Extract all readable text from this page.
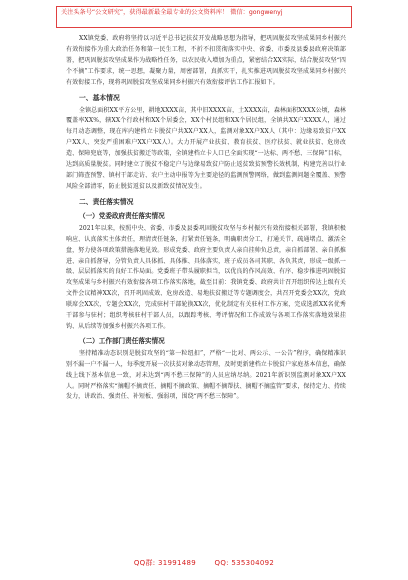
关注头条号“公文研究”，获得最新最全最专业的公文资料库！ 微信：gongwenyj

XX镇党委、政府将坚持以习近平总书记扶贫开发战略思想为指导，把巩固脱贫攻坚成果同乡村振兴有效衔接作为重大政治任务和第一民生工程，不折不扣贯彻落实中央、省委、市委及县委县政府决策部署，把巩固脱贫攻坚成果作为战略性任务，以农民收入增加为重点，紧密结合XX实际，结合脱贫攻坚“四个不摘”工作要求，统一思想，凝聚力量，周密部署，真抓实干，扎实推进巩固脱贫攻坚成果同乡村振兴有效衔接工作，现将巩固脱贫攻坚成果同乡村振兴有效衔接评估工作汇报如下。

一、基本情况

全镇总面积XX平方公里，耕地XXXX亩，其中旧XXXX亩，土XXXX亩，森林面积XXXX公顷，森林覆盖率XX%，辖XX个行政村和XX个居委会，XX个村民组和XX个居民组，全镇共XX户XXXX人，通过每月动态调整，现在库内建档立卡脱贫户共XX户XX人，监测对象XX户XX人（其中：边缘易致贫户XX户XX人、突发严重困难户XX户XX人）。大力开展产业扶贫、教育扶贫、医疗扶贫、就业扶贫、危房改造、保障兜底等，加强扶贫搬迁等政策，全镇建档立卡人口已全面实现“一达标、两不愁、三保障”目标，达到高质量脱贫。同时建立了脱贫不稳定户与边缘易致贫户防止返贫致贫预警长效机制，构建完善以行业部门筛查预警、镇村干部走访、农户主动申报等为主要途径的监测预警网络，做到监测问题全覆盖、预警风险全部清零，防止脱贫返贫以及新致贫情况发生。

二、责任落实情况
（一）党委政府责任落实情况

2021年以来，按照中央、省委、市委及县委巩固脱贫攻坚与乡村振兴有效衔接相关部署，我镇积极响应、认真落实主体责任，理清责任链条，打紧责任链条，明确职责分工，打通关节、疏通堵点、激活全盘，努力使各项政策措施落地见效。形成党委、政府主要负责人亲自挂帅负总责，亲自抓部署、亲自抓推进、亲自抓督导，分管负责人具体抓、具体推、具体落实，班子成员各司其职、各负其责，形成一级抓一级、层层抓落实的良好工作局面。党委班子带头履职担当，以优良的作风高效、有序、稳步推进巩固脱贫攻坚成果与乡村振兴有效衔接各项工作落实落地，截至目前：我镇党委、政府共计召开组织传达上级有关文件会议精神XX次，召开巩固成效、危房改造、易地扶贫搬迁等专题调度会，共召开党委会XX次，党政联席会XX次，专题会XX次，完成驻村干部轮换XX次，优化制定有关驻村工作方案，完成选派XX名优秀干部参与驻村；组织考核驻村干部人员，以跟踪考核、考评情况和工作成效与各项工作落实落地效果挂钩、从后续等加强乡村振兴各项工作。

（二）工作部门责任落实情况

坚持精准动态识别是脱贫攻坚的“第一粒纽扣”，严格“一比对、两公示、一公告”程序，确保精准识别不漏一户不漏一人，每季度开展一次扶贫对象动态管理，及时更新建档立卡脱贫户家庭基本信息，确保线上线下基本信息一致，对未达到“两不愁三保障”的人员应纳尽纳。2021年新识别监测对象XX户XX人。同时严格落实“摘帽不摘责任、摘帽不摘政策、摘帽不摘帮扶、摘帽不摘监管”要求，保持定力、持续发力，讲政治、强责任、补短板、强弱项，围绕“两不愁三保障”。

QQ群: 31991489	QQ: 535304092
